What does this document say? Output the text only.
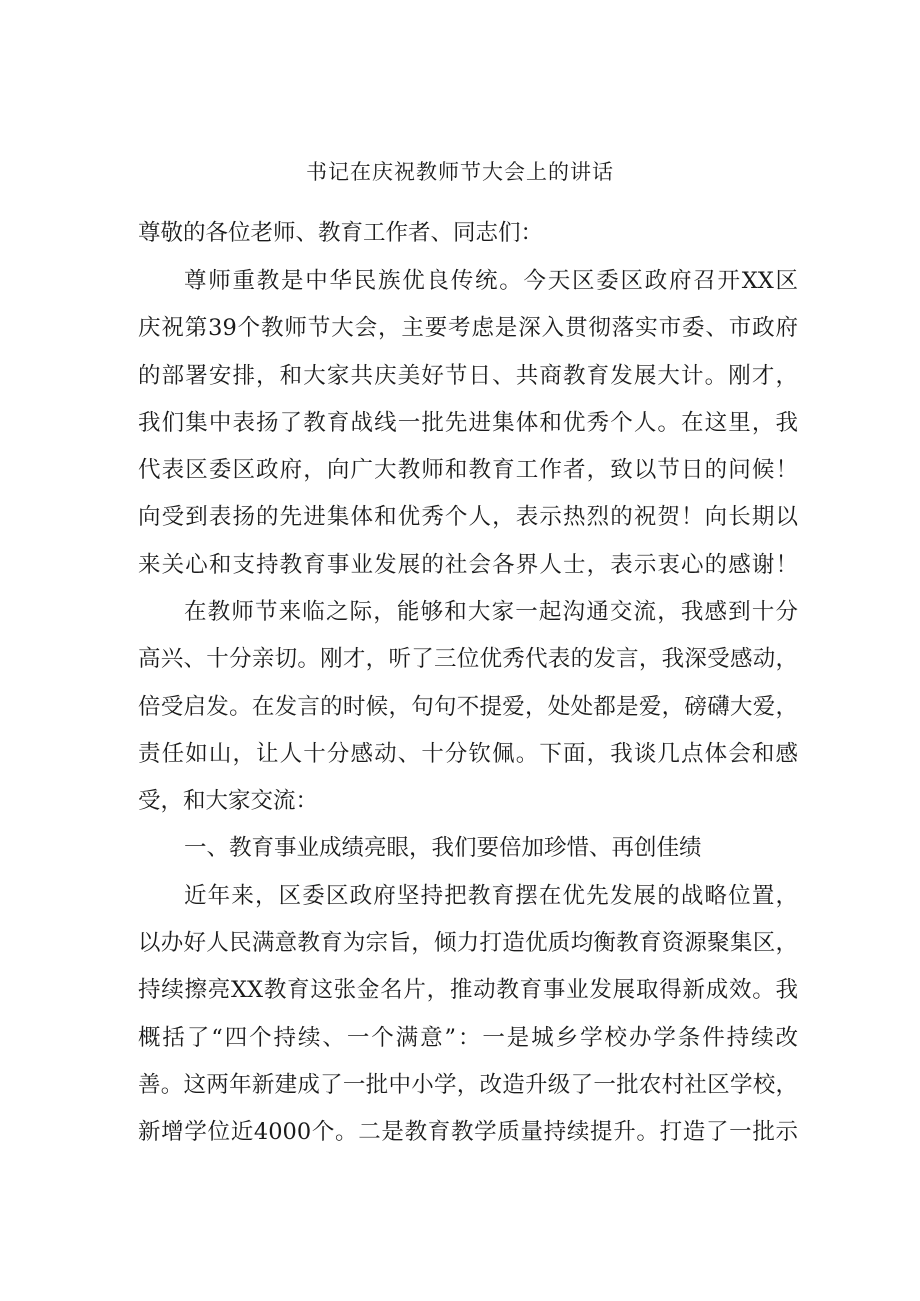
书记在庆祝教师节大会上的讲话
尊敬的各位老师、教育工作者、同志们：
尊师重教是中华民族优良传统。今天区委区政府召开XX区
庆祝第39个教师节大会，主要考虑是深入贯彻落实市委、市政府
的部署安排，和大家共庆美好节日、共商教育发展大计。刚才，
我们集中表扬了教育战线一批先进集体和优秀个人。在这里，我
代表区委区政府，向广大教师和教育工作者，致以节日的问候！
向受到表扬的先进集体和优秀个人，表示热烈的祝贺！向长期以
来关心和支持教育事业发展的社会各界人士，表示衷心的感谢！
在教师节来临之际，能够和大家一起沟通交流，我感到十分
高兴、十分亲切。刚才，听了三位优秀代表的发言，我深受感动，
倍受启发。在发言的时候，句句不提爱，处处都是爱，磅礴大爱，
责任如山，让人十分感动、十分钦佩。下面，我谈几点体会和感
受，和大家交流：
一、教育事业成绩亮眼，我们要倍加珍惜、再创佳绩
近年来，区委区政府坚持把教育摆在优先发展的战略位置，
以办好人民满意教育为宗旨，倾力打造优质均衡教育资源聚集区，
持续擦亮XX教育这张金名片，推动教育事业发展取得新成效。我
概括了“四个持续、一个满意”：一是城乡学校办学条件持续改
善。这两年新建成了一批中小学，改造升级了一批农村社区学校，
新增学位近4000个。二是教育教学质量持续提升。打造了一批示
